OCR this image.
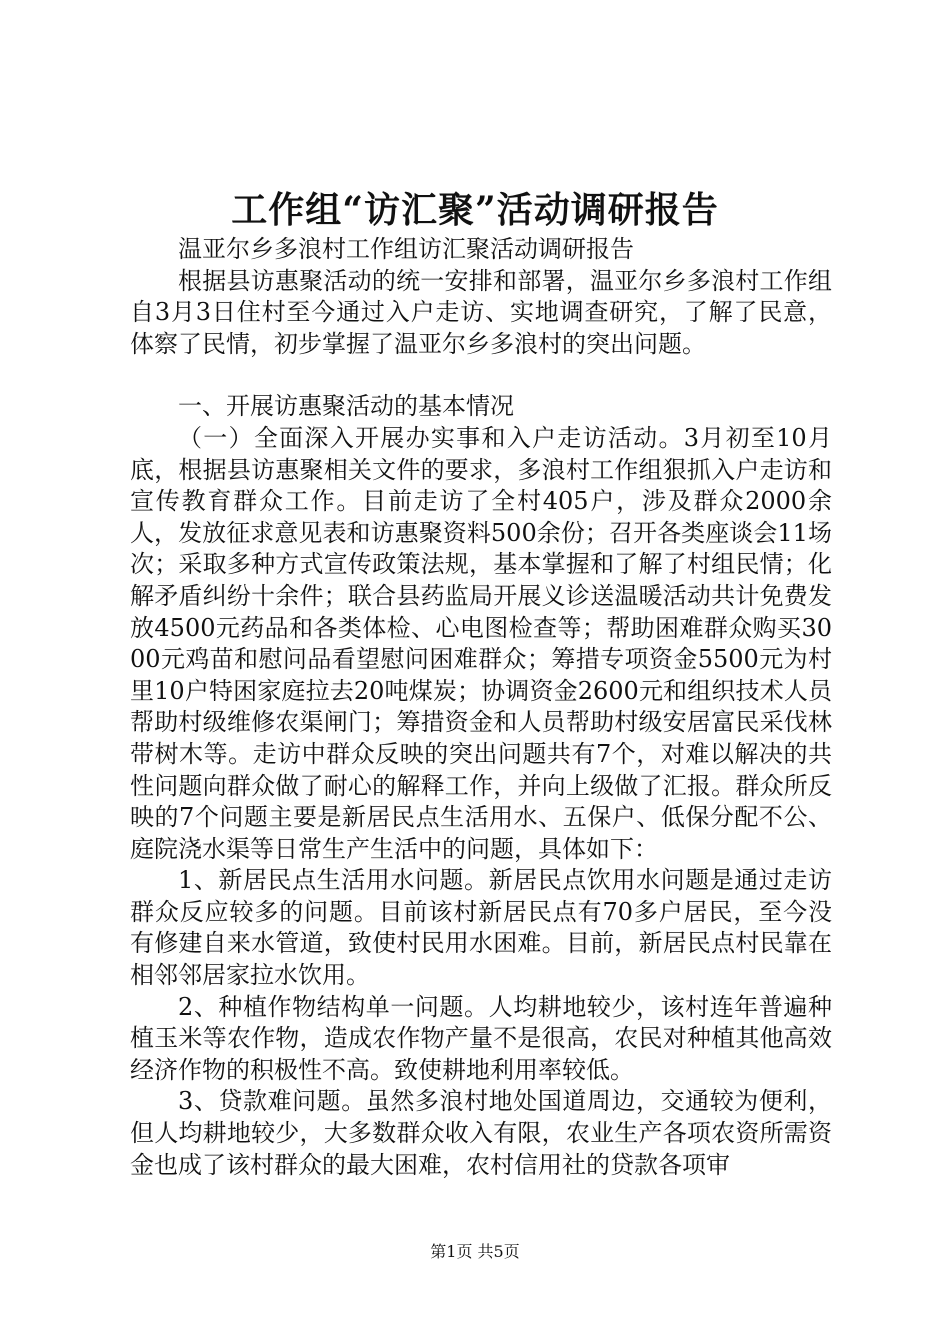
工作组“访汇聚”活动调研报告

温亚尔乡多浪村工作组访汇聚活动调研报告

根据县访惠聚活动的统一安排和部署，温亚尔乡多浪村工作组自3月3日住村至今通过入户走访、实地调查研究，了解了民意，体察了民情，初步掌握了温亚尔乡多浪村的突出问题。

一、开展访惠聚活动的基本情况

（一）全面深入开展办实事和入户走访活动。3月初至10月底，根据县访惠聚相关文件的要求，多浪村工作组狠抓入户走访和宣传教育群众工作。目前走访了全村405户，涉及群众2000余人，发放征求意见表和访惠聚资料500余份；召开各类座谈会11场次；采取多种方式宣传政策法规，基本掌握和了解了村组民情；化解矛盾纠纷十余件；联合县药监局开展义诊送温暖活动共计免费发放4500元药品和各类体检、心电图检查等；帮助困难群众购买3000元鸡苗和慰问品看望慰问困难群众；筹措专项资金5500元为村里10户特困家庭拉去20吨煤炭；协调资金2600元和组织技术人员帮助村级维修农渠闸门；筹措资金和人员帮助村级安居富民采伐林带树木等。走访中群众反映的突出问题共有7个，对难以解决的共性问题向群众做了耐心的解释工作，并向上级做了汇报。群众所反映的7个问题主要是新居民点生活用水、五保户、低保分配不公、庭院浇水渠等日常生产生活中的问题，具体如下：

1、新居民点生活用水问题。新居民点饮用水问题是通过走访群众反应较多的问题。目前该村新居民点有70多户居民，至今没有修建自来水管道，致使村民用水困难。目前，新居民点村民靠在相邻邻居家拉水饮用。

2、种植作物结构单一问题。人均耕地较少，该村连年普遍种植玉米等农作物，造成农作物产量不是很高，农民对种植其他高效经济作物的积极性不高。致使耕地利用率较低。

3、贷款难问题。虽然多浪村地处国道周边，交通较为便利，但人均耕地较少，大多数群众收入有限，农业生产各项农资所需资金也成了该村群众的最大困难，农村信用社的贷款各项审

第1页 共5页
